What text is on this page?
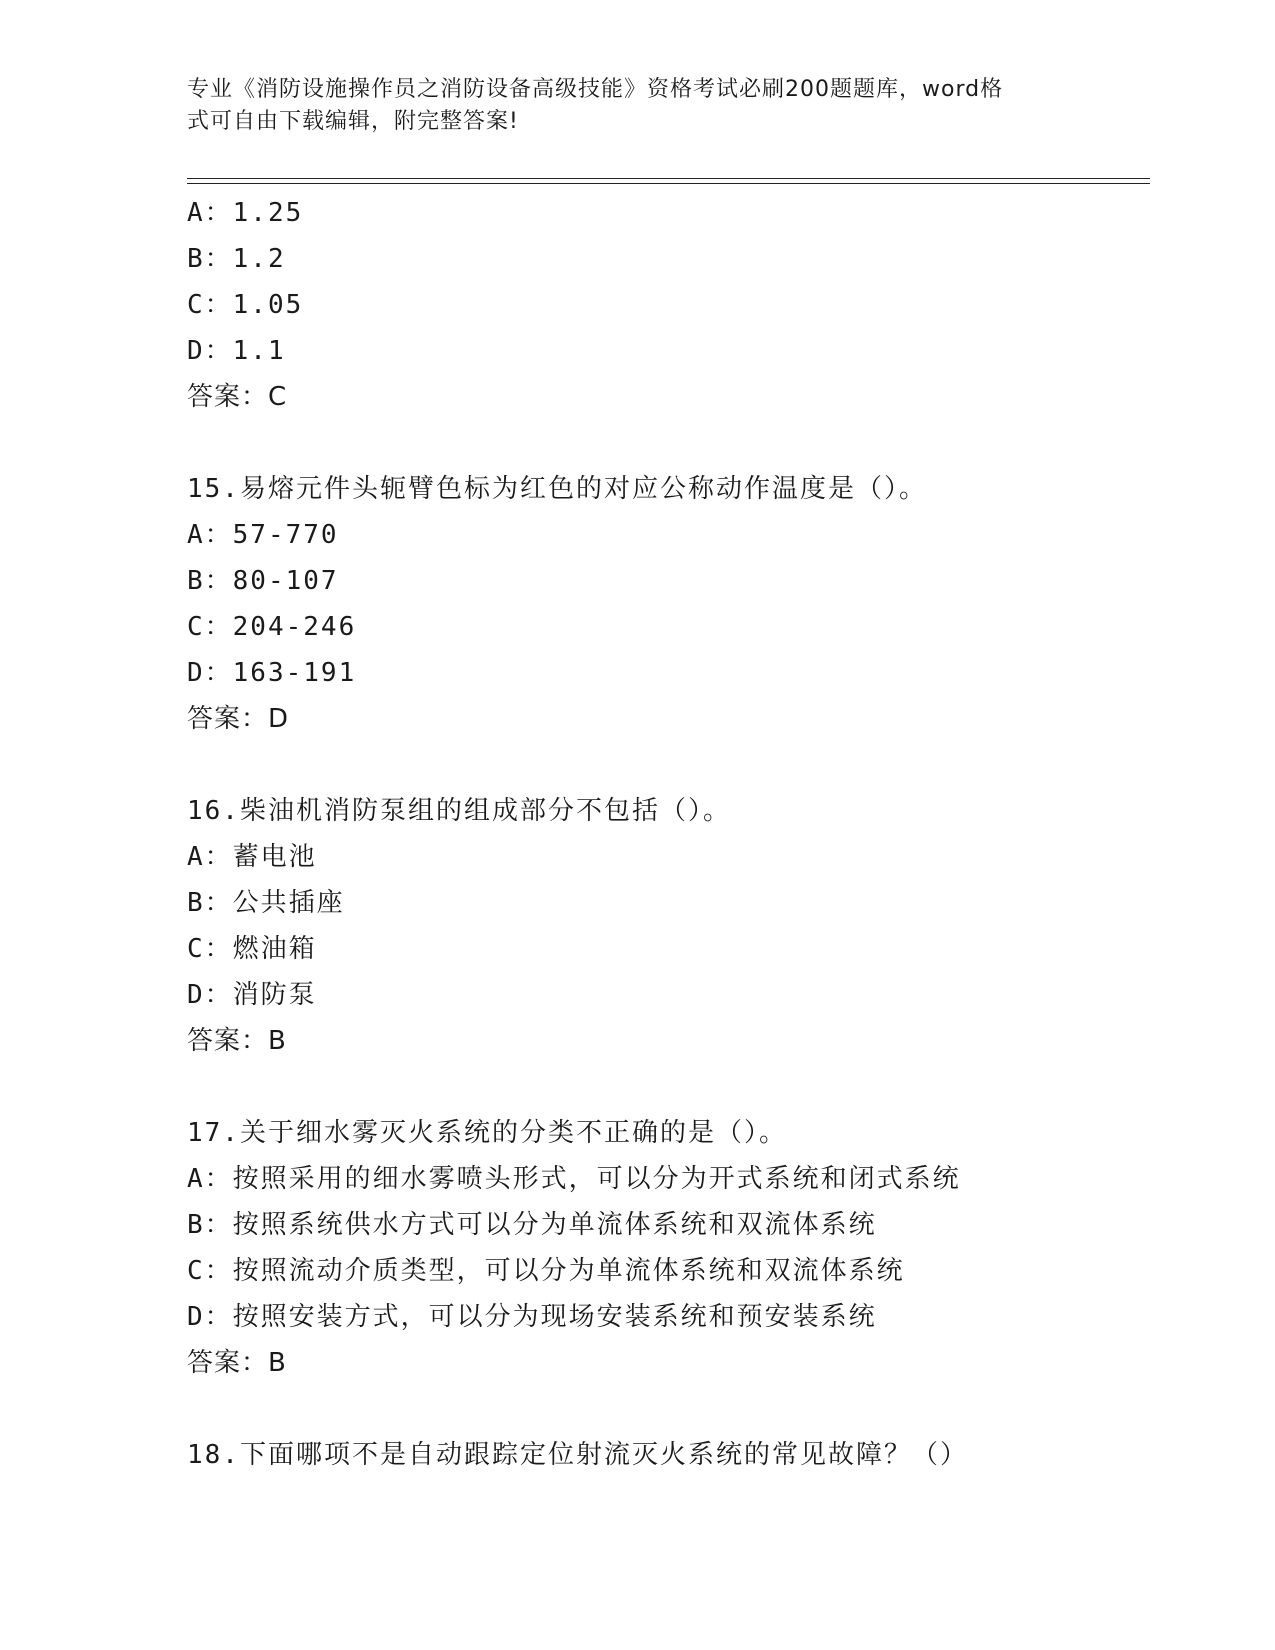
专业《消防设施操作员之消防设备高级技能》资格考试必刷200题题库，word格
式可自由下载编辑，附完整答案!
A：1.25
B：1.2
C：1.05
D：1.1
答案：C
15.易熔元件头轭臂色标为红色的对应公称动作温度是（）。
A：57-770
B：80-107
C：204-246
D：163-191
答案：D
16.柴油机消防泵组的组成部分不包括（）。
A：蓄电池
B：公共插座
C：燃油箱
D：消防泵
答案：B
17.关于细水雾灭火系统的分类不正确的是（）。
A：按照采用的细水雾喷头形式，可以分为开式系统和闭式系统
B：按照系统供水方式可以分为单流体系统和双流体系统
C：按照流动介质类型，可以分为单流体系统和双流体系统
D：按照安装方式，可以分为现场安装系统和预安装系统
答案：B
18.下面哪项不是自动跟踪定位射流灭火系统的常见故障？（）
